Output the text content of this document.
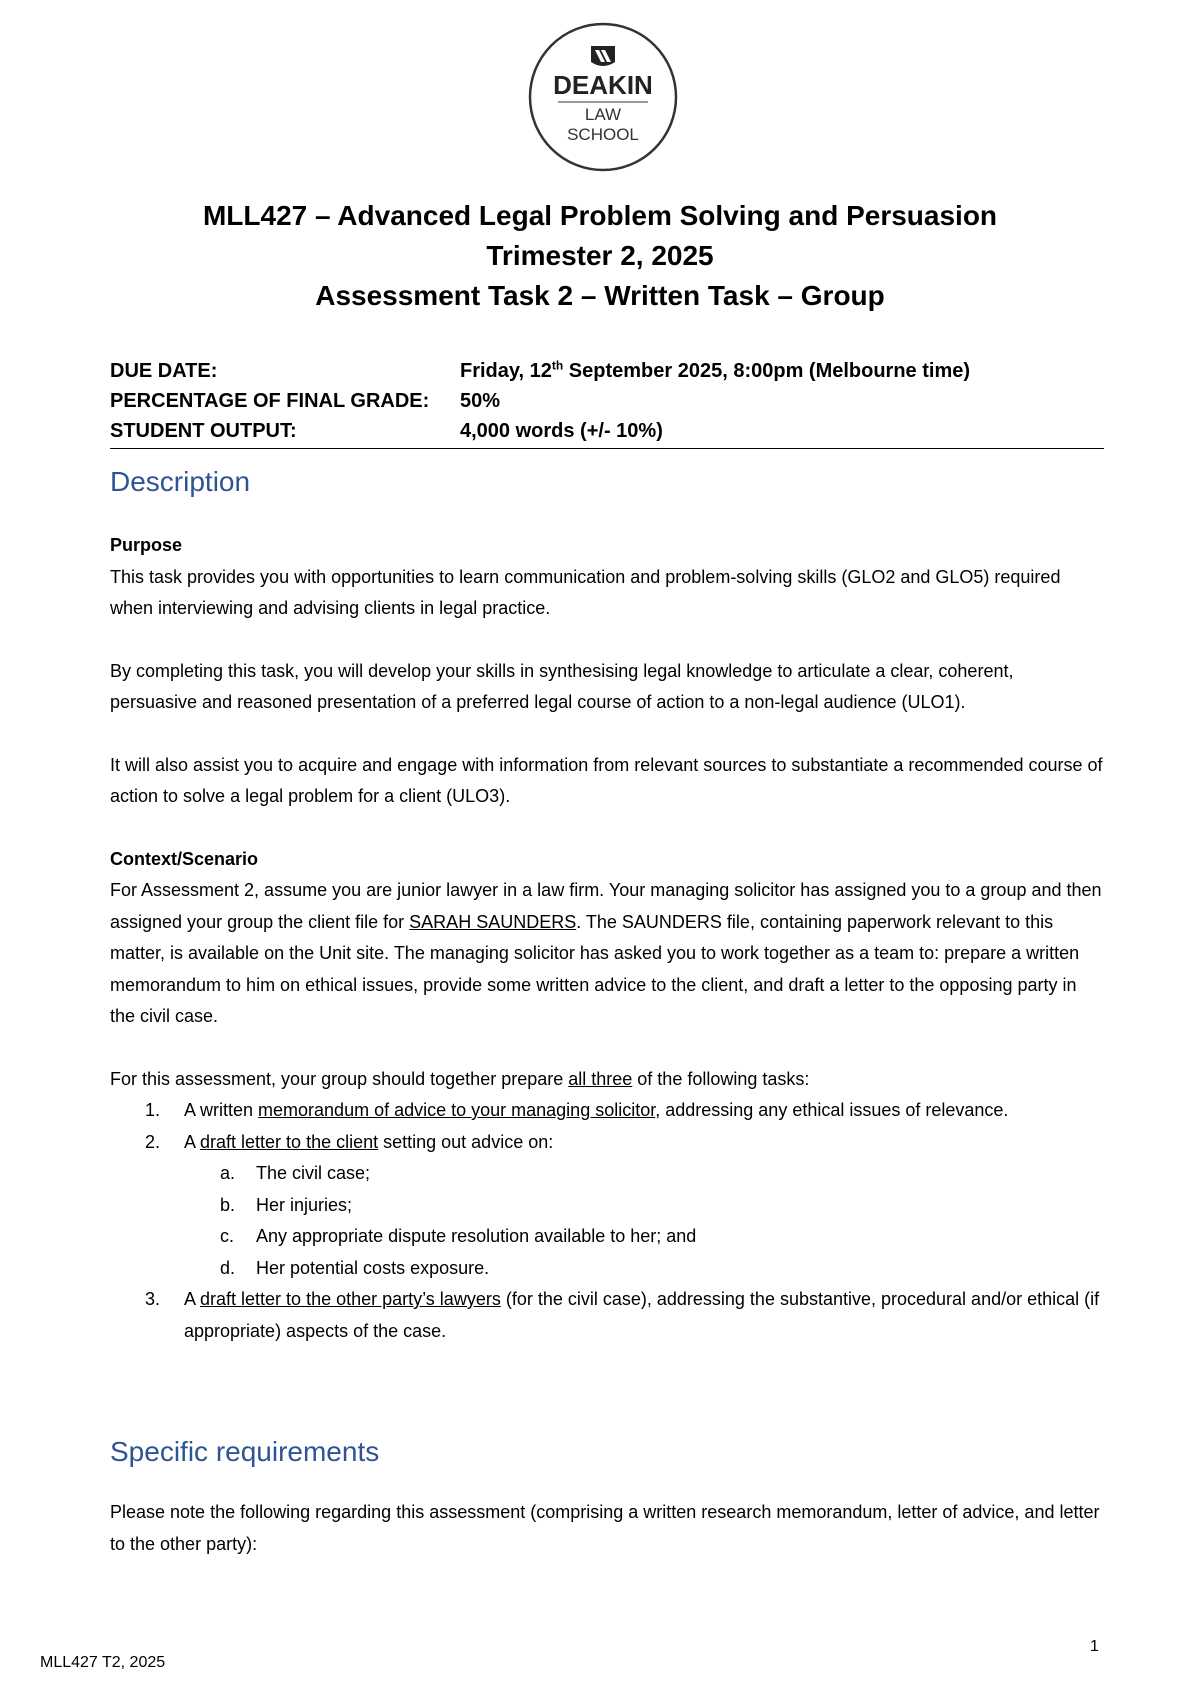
DEAKIN
LAW
SCHOOL
MLL427 – Advanced Legal Problem Solving and Persuasion
Trimester 2, 2025
Assessment Task 2 – Written Task – Group
DUE DATE:	Friday, 12th September 2025, 8:00pm (Melbourne time)
PERCENTAGE OF FINAL GRADE:	50%
STUDENT OUTPUT:	4,000 words (+/- 10%)
Description

Purpose

This task provides you with opportunities to learn communication and problem-solving skills (GLO2 and GLO5) required when interviewing and advising clients in legal practice.

By completing this task, you will develop your skills in synthesising legal knowledge to articulate a clear, coherent, persuasive and reasoned presentation of a preferred legal course of action to a non-legal audience (ULO1).

It will also assist you to acquire and engage with information from relevant sources to substantiate a recommended course of action to solve a legal problem for a client (ULO3).

Context/Scenario

For Assessment 2, assume you are junior lawyer in a law firm. Your managing solicitor has assigned you to a group and then assigned your group the client file for SARAH SAUNDERS. The SAUNDERS file, containing paperwork relevant to this matter, is available on the Unit site. The managing solicitor has asked you to work together as a team to: prepare a written memorandum to him on ethical issues, provide some written advice to the client, and draft a letter to the opposing party in the civil case.

For this assessment, your group should together prepare all three of the following tasks:

1. A written memorandum of advice to your managing solicitor, addressing any ethical issues of relevance.
2. A draft letter to the client setting out advice on:
a. The civil case;
b. Her injuries;
c. Any appropriate dispute resolution available to her; and
d. Her potential costs exposure.
3. A draft letter to the other party’s lawyers (for the civil case), addressing the substantive, procedural and/or ethical (if appropriate) aspects of the case.
Specific requirements

Please note the following regarding this assessment (comprising a written research memorandum, letter of advice, and letter to the other party):

1
MLL427 T2, 2025
